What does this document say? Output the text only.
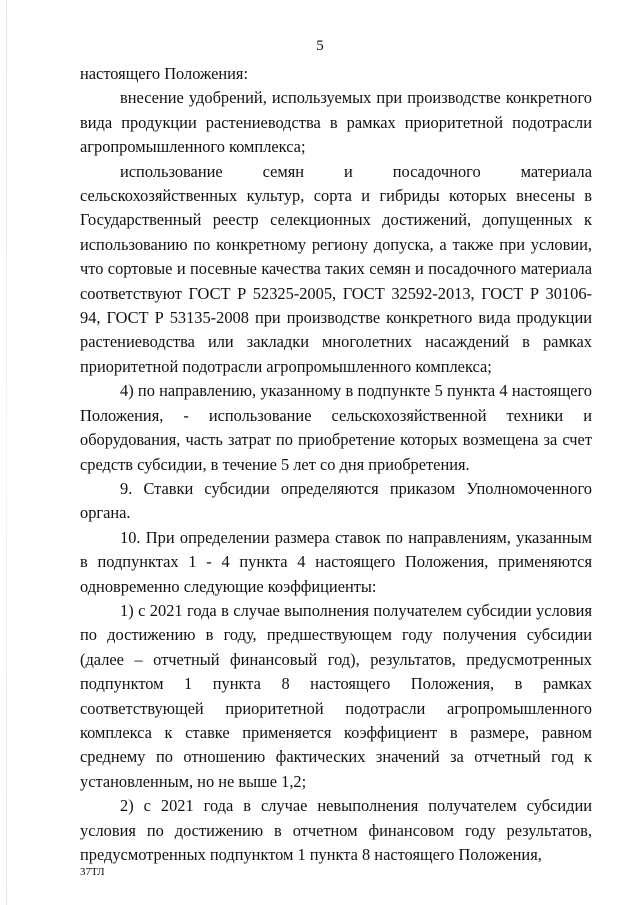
5

настоящего Положения:

внесение удобрений, используемых при производстве конкретного вида продукции растениеводства в рамках приоритетной подотрасли агропромышленного комплекса;

использование семян и посадочного материала сельскохозяйственных культур, сорта и гибриды которых внесены в Государственный реестр селекционных достижений, допущенных к использованию по конкретному региону допуска, а также при условии, что сортовые и посевные качества таких семян и посадочного материала соответствуют ГОСТ Р 52325-2005, ГОСТ 32592-2013, ГОСТ Р 30106-94, ГОСТ Р 53135-2008 при производстве конкретного вида продукции растениеводства или закладки многолетних насаждений в рамках приоритетной подотрасли агропромышленного комплекса;

4) по направлению, указанному в подпункте 5 пункта 4 настоящего Положения, - использование сельскохозяйственной техники и оборудования, часть затрат по приобретение которых возмещена за счет средств субсидии, в течение 5 лет со дня приобретения.

9. Ставки субсидии определяются приказом Уполномоченного органа.

10. При определении размера ставок по направлениям, указанным в подпунктах 1 - 4 пункта 4 настоящего Положения, применяются одновременно следующие коэффициенты:

1) с 2021 года в случае выполнения получателем субсидии условия по достижению в году, предшествующем году получения субсидии (далее – отчетный финансовый год), результатов, предусмотренных подпунктом 1 пункта 8 настоящего Положения, в рамках соответствующей приоритетной подотрасли агропромышленного комплекса к ставке применяется коэффициент в размере, равном среднему по отношению фактических значений за отчетный год к установленным, но не выше 1,2;

2) с 2021 года в случае невыполнения получателем субсидии условия по достижению в отчетном финансовом году результатов, предусмотренных подпунктом 1 пункта 8 настоящего Положения,

37ТЛ
